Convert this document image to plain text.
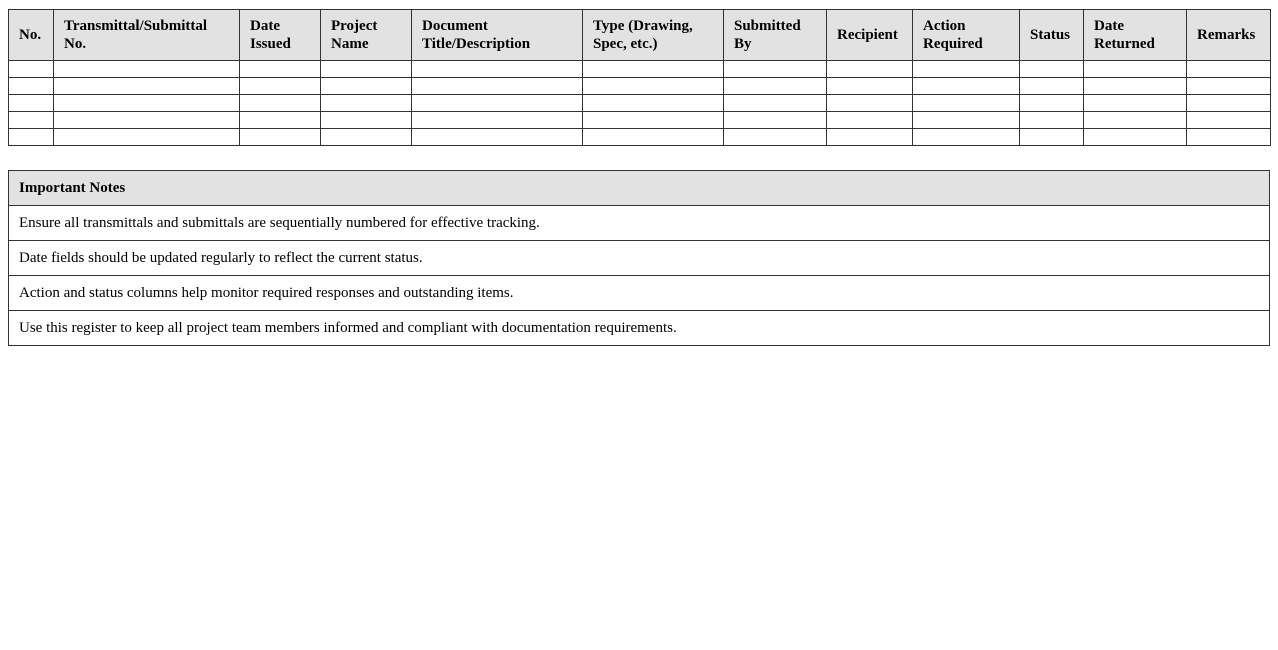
No.	Transmittal/Submittal No.	Date Issued	Project Name	Document Title/Description	Type (Drawing, Spec, etc.)	Submitted By	Recipient	Action Required	Status	Date Returned	Remarks

Important Notes
Ensure all transmittals and submittals are sequentially numbered for effective tracking.
Date fields should be updated regularly to reflect the current status.
Action and status columns help monitor required responses and outstanding items.
Use this register to keep all project team members informed and compliant with documentation requirements.
